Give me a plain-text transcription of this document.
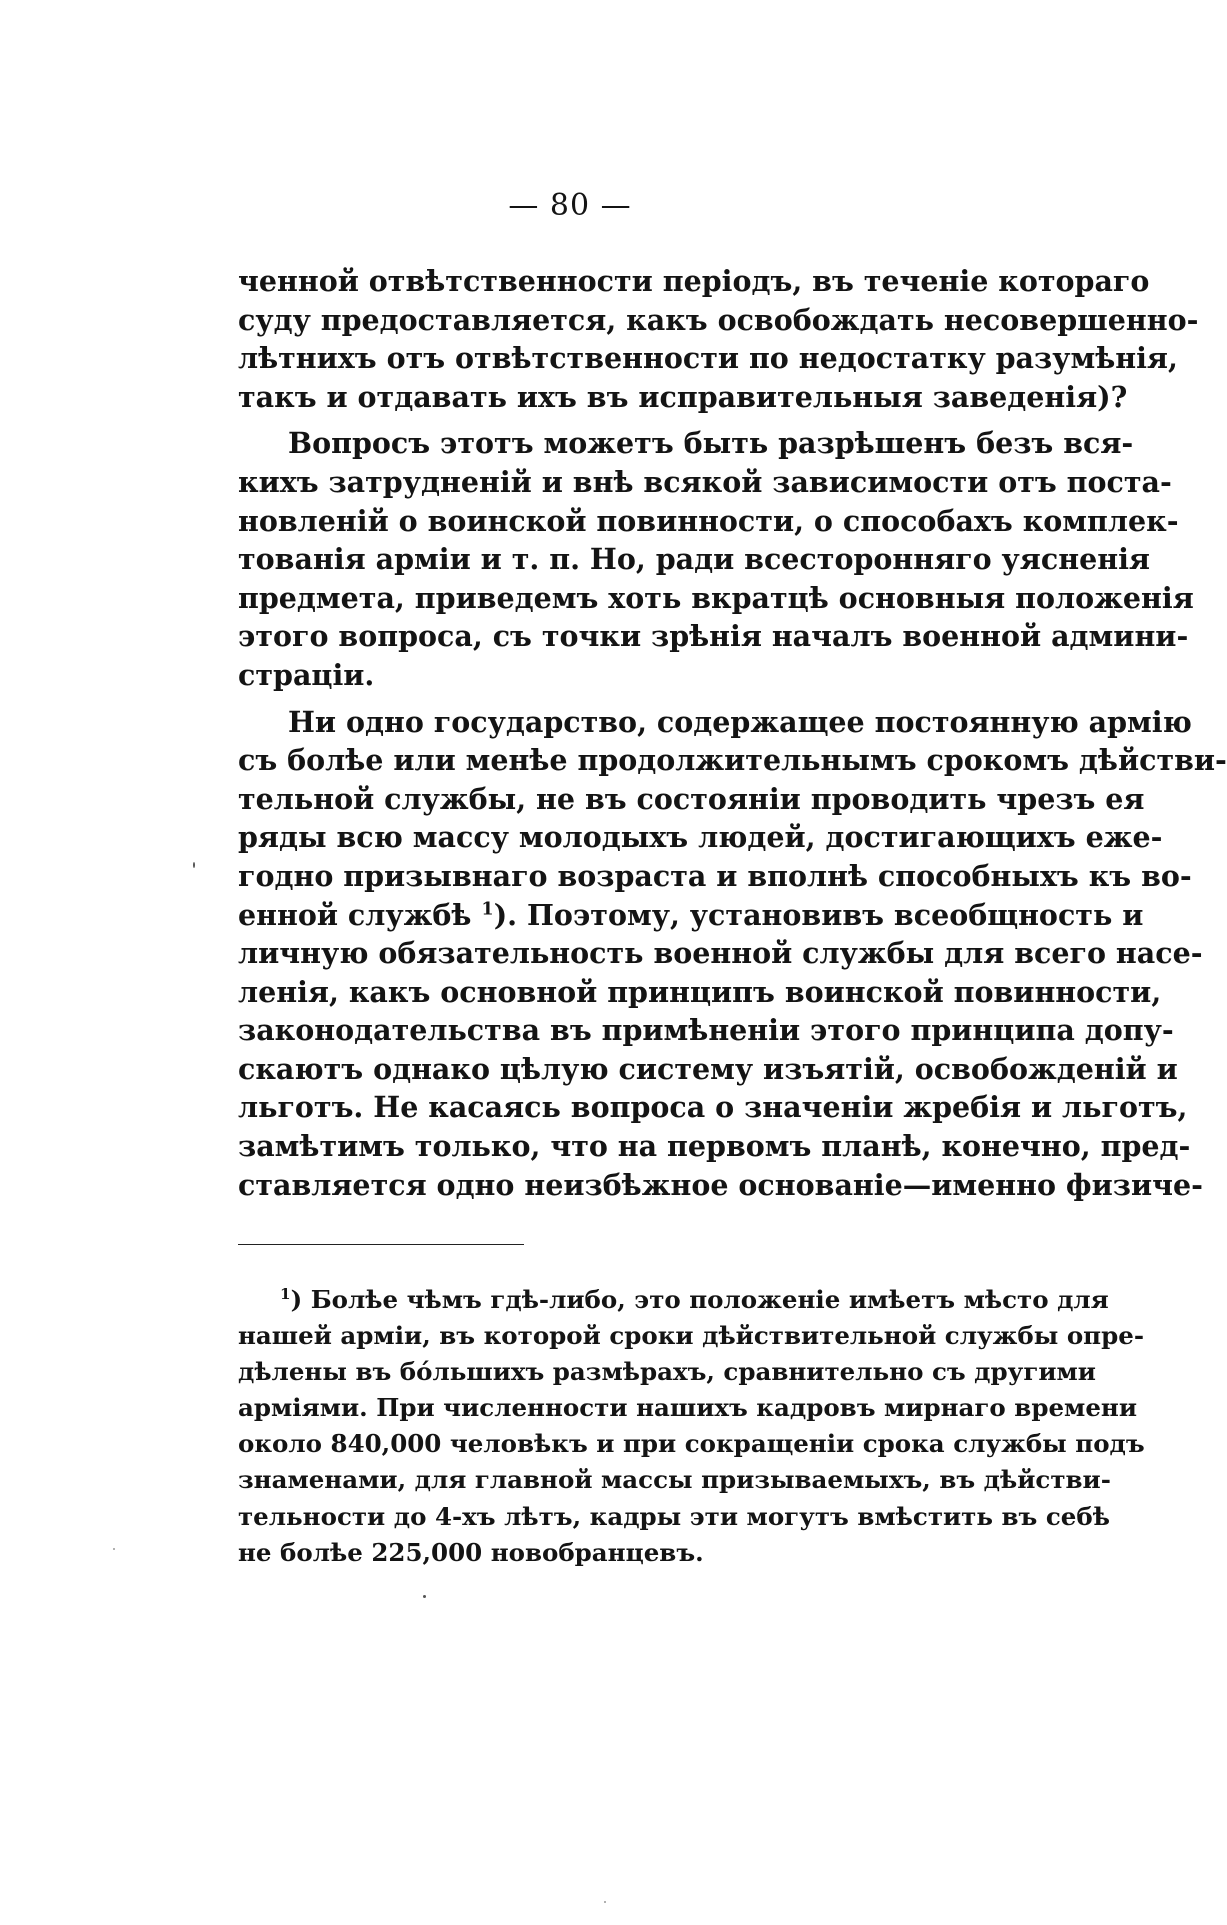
— 80 —
ченной отвѣтственности періодъ, въ теченіе котораго
суду предоставляется, какъ освобождать несовершенно-
лѣтнихъ отъ отвѣтственности по недостатку разумѣнія,
такъ и отдавать ихъ въ исправительныя заведенія)?
Вопросъ этотъ можетъ быть разрѣшенъ безъ вся-
кихъ затрудненій и внѣ всякой зависимости отъ поста-
новленій о воинской повинности, о способахъ комплек-
тованія арміи и т. п. Но, ради всесторонняго уясненія
предмета, приведемъ хоть вкратцѣ основныя положенія
этого вопроса, съ точки зрѣнія началъ военной админи-
страціи.
Ни одно государство, содержащее постоянную армію
съ болѣе или менѣе продолжительнымъ срокомъ дѣйстви-
тельной службы, не въ состояніи проводить чрезъ ея
ряды всю массу молодыхъ людей, достигающихъ еже-
годно призывнаго возраста и вполнѣ способныхъ къ во-
енной службѣ $^1$). Поэтому, установивъ всеобщность и
личную обязательность военной службы для всего насе-
ленія, какъ основной принципъ воинской повинности,
законодательства въ примѣненіи этого принципа допу-
скаютъ однако цѣлую систему изъятій, освобожденій и
льготъ. Не касаясь вопроса о значеніи жребія и льготъ,
замѣтимъ только, что на первомъ планѣ, конечно, пред-
ставляется одно неизбѣжное основаніе—именно физиче-
$^1$) Болѣе чѣмъ гдѣ-либо, это положеніе имѣетъ мѣсто для
нашей арміи, въ которой сроки дѣйствительной службы опре-
дѣлены въ бо́льшихъ размѣрахъ, сравнительно съ другими
арміями. При численности нашихъ кадровъ мирнаго времени
около 840,000 человѣкъ и при сокращеніи срока службы подъ
знаменами, для главной массы призываемыхъ, въ дѣйстви-
тельности до 4-хъ лѣтъ, кадры эти могутъ вмѣстить въ себѣ
не болѣе 225,000 новобранцевъ.
